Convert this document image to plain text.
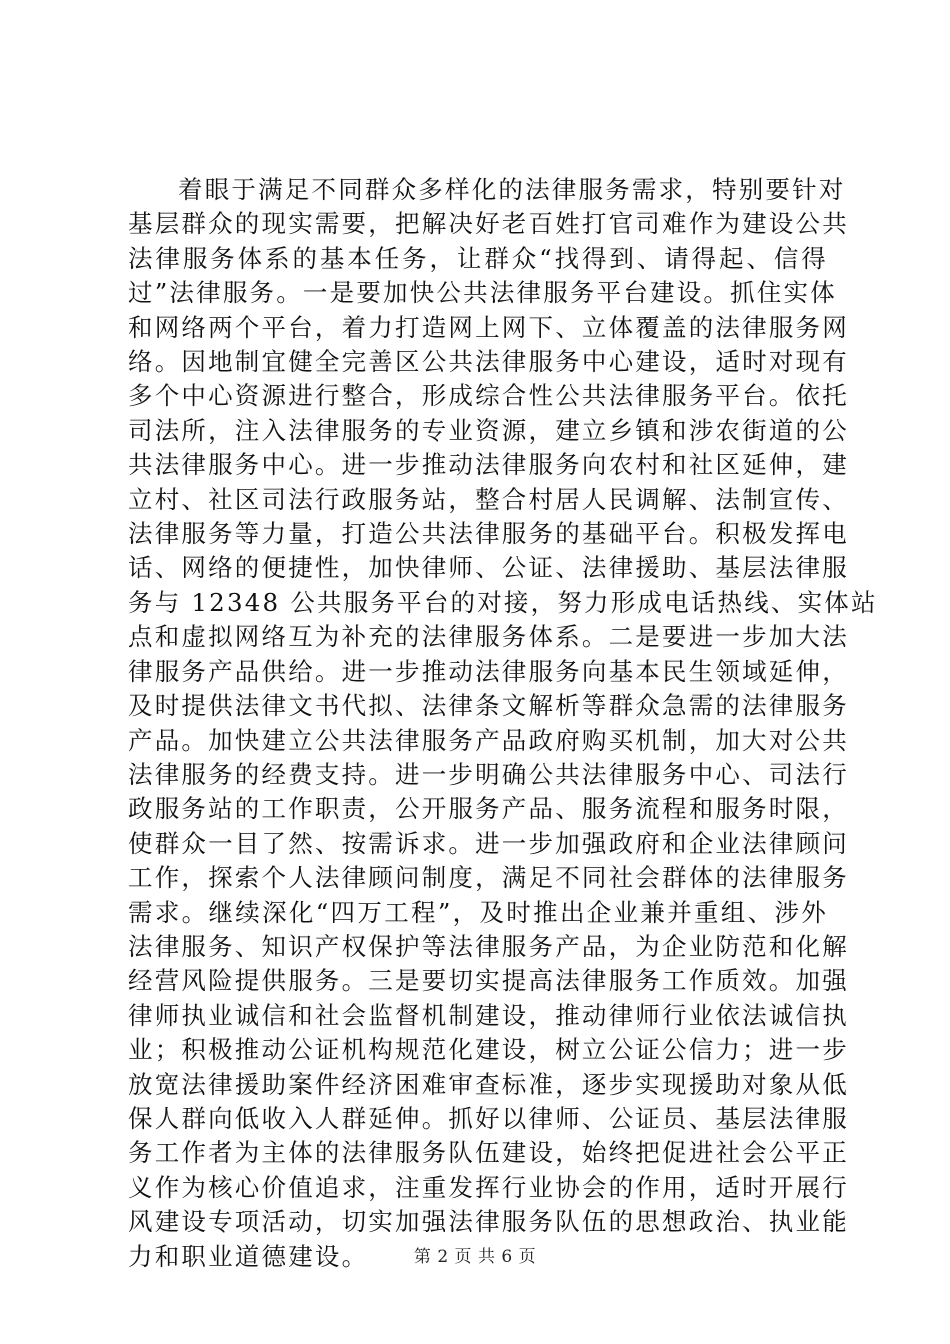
着眼于满足不同群众多样化的法律服务需求，特别要针对
基层群众的现实需要，把解决好老百姓打官司难作为建设公共
法律服务体系的基本任务，让群众“找得到、请得起、信得
过”法律服务。一是要加快公共法律服务平台建设。抓住实体
和网络两个平台，着力打造网上网下、立体覆盖的法律服务网
络。因地制宜健全完善区公共法律服务中心建设，适时对现有
多个中心资源进行整合，形成综合性公共法律服务平台。依托
司法所，注入法律服务的专业资源，建立乡镇和涉农街道的公
共法律服务中心。进一步推动法律服务向农村和社区延伸，建
立村、社区司法行政服务站，整合村居人民调解、法制宣传、
法律服务等力量，打造公共法律服务的基础平台。积极发挥电
话、网络的便捷性，加快律师、公证、法律援助、基层法律服
务与 12348 公共服务平台的对接，努力形成电话热线、实体站
点和虚拟网络互为补充的法律服务体系。二是要进一步加大法
律服务产品供给。进一步推动法律服务向基本民生领域延伸，
及时提供法律文书代拟、法律条文解析等群众急需的法律服务
产品。加快建立公共法律服务产品政府购买机制，加大对公共
法律服务的经费支持。进一步明确公共法律服务中心、司法行
政服务站的工作职责，公开服务产品、服务流程和服务时限，
使群众一目了然、按需诉求。进一步加强政府和企业法律顾问
工作，探索个人法律顾问制度，满足不同社会群体的法律服务
需求。继续深化“四万工程”，及时推出企业兼并重组、涉外
法律服务、知识产权保护等法律服务产品，为企业防范和化解
经营风险提供服务。三是要切实提高法律服务工作质效。加强
律师执业诚信和社会监督机制建设，推动律师行业依法诚信执
业；积极推动公证机构规范化建设，树立公证公信力；进一步
放宽法律援助案件经济困难审查标准，逐步实现援助对象从低
保人群向低收入人群延伸。抓好以律师、公证员、基层法律服
务工作者为主体的法律服务队伍建设，始终把促进社会公平正
义作为核心价值追求，注重发挥行业协会的作用，适时开展行
风建设专项活动，切实加强法律服务队伍的思想政治、执业能
力和职业道德建设。	第 2 页 共 6 页
